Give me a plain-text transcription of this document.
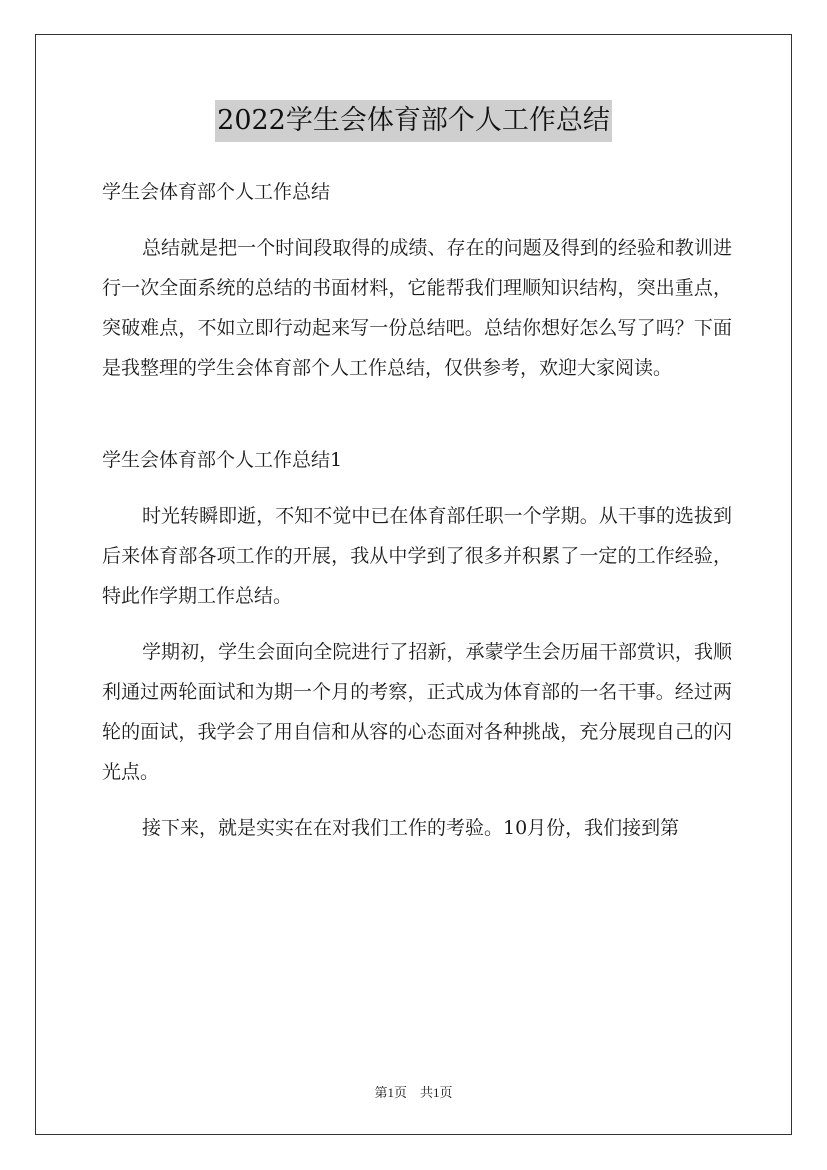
2022学生会体育部个人工作总结
学生会体育部个人工作总结

总结就是把一个时间段取得的成绩、存在的问题及得到的经验和教训进行一次全面系统的总结的书面材料，它能帮我们理顺知识结构，突出重点，突破难点，不如立即行动起来写一份总结吧。总结你想好怎么写了吗？下面是我整理的学生会体育部个人工作总结，仅供参考，欢迎大家阅读。

学生会体育部个人工作总结1

时光转瞬即逝，不知不觉中已在体育部任职一个学期。从干事的选拔到后来体育部各项工作的开展，我从中学到了很多并积累了一定的工作经验，特此作学期工作总结。

学期初，学生会面向全院进行了招新，承蒙学生会历届干部赏识，我顺利通过两轮面试和为期一个月的考察，正式成为体育部的一名干事。经过两轮的面试，我学会了用自信和从容的心态面对各种挑战，充分展现自己的闪光点。

接下来，就是实实在在对我们工作的考验。10月份，我们接到第

第1页　共1页
